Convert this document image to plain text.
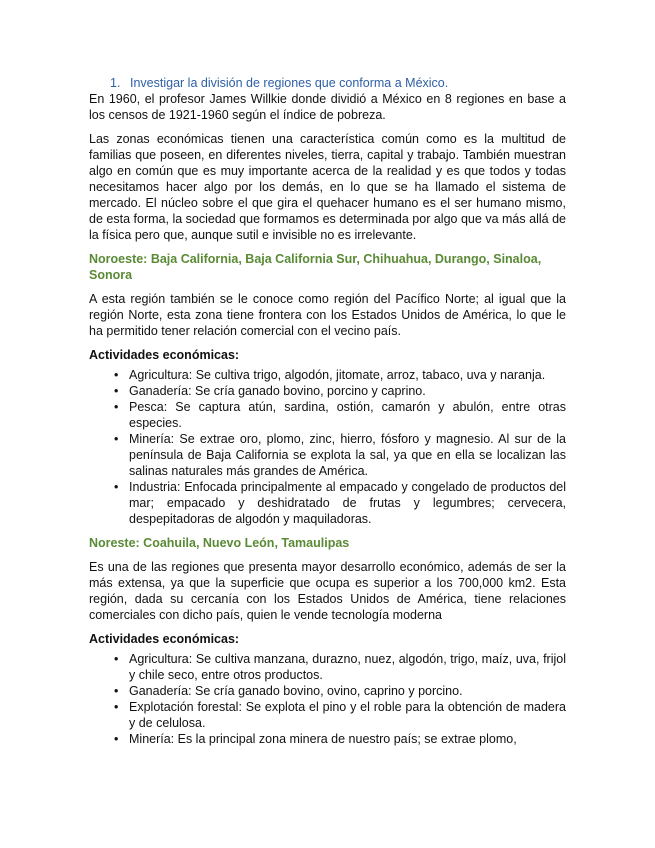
1. Investigar la división de regiones que conforma a México.

En 1960, el profesor James Willkie donde dividió a México en 8 regiones en base a los censos de 1921-1960 según el índice de pobreza.

Las zonas económicas tienen una característica común como es la multitud de familias que poseen, en diferentes niveles, tierra, capital y trabajo. También muestran algo en común que es muy importante acerca de la realidad y es que todos y todas necesitamos hacer algo por los demás, en lo que se ha llamado el sistema de mercado. El núcleo sobre el que gira el quehacer humano es el ser humano mismo, de esta forma, la sociedad que formamos es determinada por algo que va más allá de la física pero que, aunque sutil e invisible no es irrelevante.

Noroeste: Baja California, Baja California Sur, Chihuahua, Durango, Sinaloa, Sonora

A esta región también se le conoce como región del Pacífico Norte; al igual que la región Norte, esta zona tiene frontera con los Estados Unidos de América, lo que le ha permitido tener relación comercial con el vecino país.

Actividades económicas:
• Agricultura: Se cultiva trigo, algodón, jitomate, arroz, tabaco, uva y naranja.
• Ganadería: Se cría ganado bovino, porcino y caprino.
• Pesca: Se captura atún, sardina, ostión, camarón y abulón, entre otras especies.
• Minería: Se extrae oro, plomo, zinc, hierro, fósforo y magnesio. Al sur de la península de Baja California se explota la sal, ya que en ella se localizan las salinas naturales más grandes de América.
• Industria: Enfocada principalmente al empacado y congelado de productos del mar; empacado y deshidratado de frutas y legumbres; cervecera, despepitadoras de algodón y maquiladoras.
Noreste: Coahuila, Nuevo León, Tamaulipas

Es una de las regiones que presenta mayor desarrollo económico, además de ser la más extensa, ya que la superficie que ocupa es superior a los 700,000 km2. Esta región, dada su cercanía con los Estados Unidos de América, tiene relaciones comerciales con dicho país, quien le vende tecnología moderna

Actividades económicas:
• Agricultura: Se cultiva manzana, durazno, nuez, algodón, trigo, maíz, uva, frijol y chile seco, entre otros productos.
• Ganadería: Se cría ganado bovino, ovino, caprino y porcino.
• Explotación forestal: Se explota el pino y el roble para la obtención de madera y de celulosa.
• Minería: Es la principal zona minera de nuestro país; se extrae plomo,
